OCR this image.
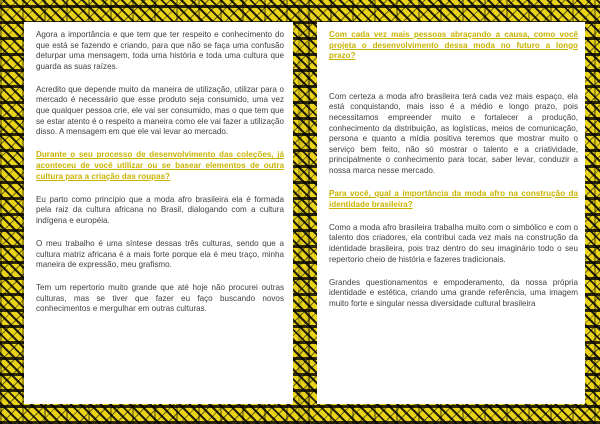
Agora a importância e que tem que ter respeito e conhecimento do que está se fazendo e criando, para que não se faça uma confusão deturpar uma mensagem, toda uma história e toda uma cultura que guarda as suas raízes.

Acredito que depende muito da maneira de utilização, utilizar para o mercado é necessário que esse produto seja consumido, uma vez que qualquer pessoa crie, ele vai ser consumido, mas o que tem que se estar atento é o respeito a maneira como ele vai fazer a utilização disso. A mensagem em que ele vai levar ao mercado.

Durante o seu processo de desenvolvimento das coleções, já aconteceu de você utilizar ou se basear elementos de outra cultura para a criação das roupas?

Eu parto como princípio que a moda afro brasileira ela é formada pela raiz da cultura africana no Brasil, dialogando com a cultura indígena e européia.

O meu trabalho é uma síntese dessas três culturas, sendo que a cultura matriz africana é a mais forte porque ela é meu traço, minha maneira de expressão, meu grafismo.

Tem um repertorio muito grande que até hoje não procurei outras culturas, mas se tiver que fazer eu faço buscando novos conhecimentos e mergulhar em outras culturas.

Com cada vez mais pessoas abraçando a causa, como você projeta o desenvolvimento dessa moda no futuro a longo prazo?

Com certeza a moda afro brasileira terá cada vez mais espaço, ela está conquistando, mais isso é a médio e longo prazo, pois necessitamos empreender muito e fortalecer a produção, conhecimento da distribuição, as logísticas, meios de comunicação, persona e quanto a mídia positiva teremos que mostrar muito o serviço bem feito, não só mostrar o talento e a criatividade, principalmente o conhecimento para tocar, saber levar, conduzir a nossa marca nesse mercado.

Para você, qual a importância da moda afro na construção da identidade brasileira?

Como a moda afro brasileira trabalha muito com o simbólico e com o talento dos criadores, ela contribui cada vez mais na construção da identidade brasileira, pois traz dentro do seu imaginário todo o seu repertorio cheio de história e fazeres tradicionais.

Grandes questionamentos e empoderamento, da nossa própria identidade e estética, criando uma grande referência, uma imagem muito forte e singular nessa diversidade cultural brasileira
